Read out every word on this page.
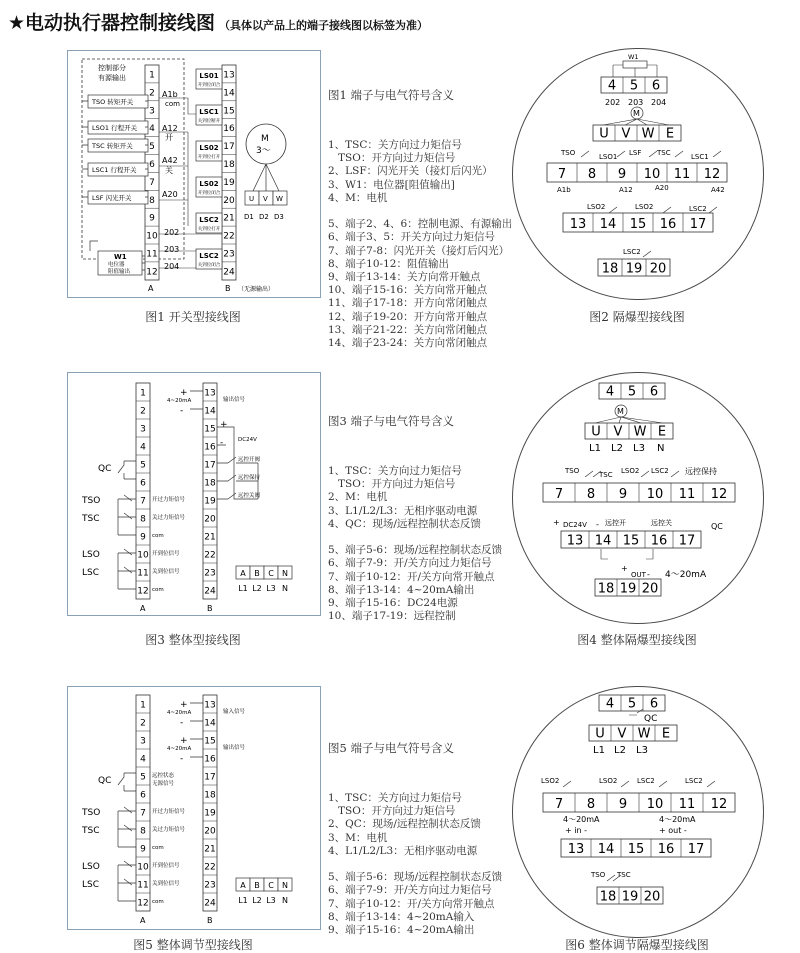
★电动执行器控制接线图 （具体以产品上的端子接线图以标签为准）
控制部分
有源输出	1
2
3
4
5
6
7
8
9
10
11
12
13
14
15
16
17
18
19
20
21
22
23
24
TSO 转矩开关
LSO1 行程开关
TSC 转矩开关
LSC1 行程开关
LSF 闪光开关
W1
电位器
阻值输出
A1b
com
A12
开
A42
关
A20
202
203
204
LS01
开到位闭合
LSC1
关到位断开
LS02
开到位打开
LS02
开到位闭合
LSC2
关到位打开
LSC2
关到位闭合
M
3～
U V W
D1 D2 D3
A	B （无源输出）
图1 开关型接线图

图1 端子与电气符号含义

1、TSC：关方向过力矩信号
TSO：开方向过力矩信号
2、LSF：闪光开关（接灯后闪光）
3、W1：电位器[阻值输出]
4、M：电机

5、端子2、4、6：控制电源、有源输出
6、端子3、5：开关方向过力矩信号
7、端子7-8：闪光开关（接灯后闪光）
8、端子10-12：阻值输出
9、端子13-14：关方向常开触点
10、端子15-16：关方向常开触点
11、端子17-18：开方向常闭触点
12、端子19-20：开方向常开触点
13、端子21-22：关方向常闭触点
14、端子23-24：关方向常闭触点

W1
4 5 6
202 203 204
M
U V W E
TSO	LSO1 LSF TSC	LSC1
7 8 9 10 11 12
A1b	A12	A20	A42
LSO2	LSO2	LSC2
13 14 15 16 17
LSC2
18 19 20
图2 隔爆型接线图
1
2
3
4
5
6
7
8
9
10
11
12
13
14
15
16
17
18
19
20
21
22
23
24
QC
TSO
TSC
开过力矩信号
关过力矩信号
com
LSO
LSC
开到位信号
关到位信号
com
+
4~20mA
-
输出信号
+
-	DC24V
远控开阀
远控保持
远控关阀
A
L1
B
L2
C
L3
N
N
A	B
图3 整体型接线图

图3 端子与电气符号含义

1、TSC：关方向过力矩信号
TSO：开方向过力矩信号
2、M：电机
3、L1/L2/L3：无相序驱动电源
4、QC：现场/远程控制状态反馈

5、端子5-6：现场/远程控制状态反馈
6、端子7-9：开/关方向过力矩信号
7、端子10-12：开/关方向常开触点
8、端子13-14：4~20mA输出
9、端子15-16：DC24电源
10、端子17-19：远程控制

4 5 6
M
U V W E
L1 L2 L3 N
TSO	TSC LSO2 LSC2 远控保持
7 8 9 10 11 12
+ DC24V - 远控开	远控关	QC
13 14 15 16 17
+
OUT - 4～20mA
18 19 20
图4 整体隔爆型接线图
1
2
3
4
5
6
7
8
9
10
11
12
13
14
15
16
17
18
19
20
21
22
23
24
QC	远控状态
无源信号
TSO
TSC
开过力矩信号
关过力矩信号
com
LSO
LSC
开到位信号
关到位信号
com
+
4~20mA
-
输入信号
+
4~20mA
-
输出信号
A
L1
B
L2
C
L3
N
N
A	B
图5 整体调节型接线图

图5 端子与电气符号含义

1、TSC：关方向过力矩信号
TSO：开方向过力矩信号
2、QC：现场/远程控制状态反馈
3、M：电机
4、L1/L2/L3：无相序驱动电源

5、端子5-6：现场/远程控制状态反馈
6、端子7-9：开/关方向过力矩信号
7、端子10-12：开/关方向常开触点
8、端子13-14：4~20mA输入
9、端子15-16：4~20mA输出

4 5 6
QC
U V W E
L1 L2 L3
LSO2	LSO2	LSC2	LSC2
7 8 9 10 11 12
4～20mA	4～20mA
+ in -	+ out -
13 14 15 16 17
TSO TSC
18 19 20
图6 整体调节隔爆型接线图
